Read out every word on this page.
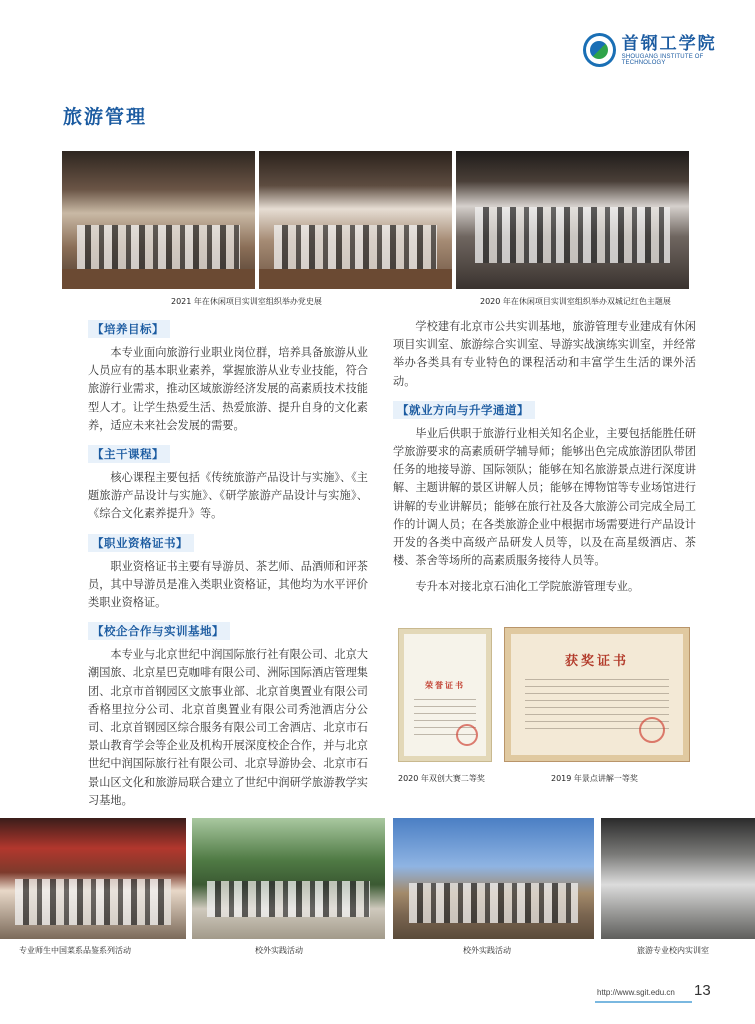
首钢工学院
SHOUGANG INSTITUTE OF TECHNOLOGY
旅游管理
2021 年在休闲项目实训室组织举办党史展	2020 年在休闲项目实训室组织举办双城记红色主题展
【培养目标】

本专业面向旅游行业职业岗位群，培养具备旅游从业人员应有的基本职业素养，掌握旅游从业专业技能，符合旅游行业需求，推动区域旅游经济发展的高素质技术技能型人才。让学生热爱生活、热爱旅游、提升自身的文化素养，适应未来社会发展的需要。

【主干课程】

核心课程主要包括《传统旅游产品设计与实施》、《主题旅游产品设计与实施》、《研学旅游产品设计与实施》、《综合文化素养提升》等。

【职业资格证书】

职业资格证书主要有导游员、茶艺师、品酒师和评茶员，其中导游员是准入类职业资格证，其他均为水平评价类职业资格证。

【校企合作与实训基地】

本专业与北京世纪中润国际旅行社有限公司、北京大潮国旅、北京星巴克咖啡有限公司、洲际国际酒店管理集团、北京市首钢园区文旅事业部、北京首奥置业有限公司香格里拉分公司、北京首奥置业有限公司秀池酒店分公司、北京首钢园区综合服务有限公司工舍酒店、北京市石景山教育学会等企业及机构开展深度校企合作，并与北京世纪中润国际旅行社有限公司、北京导游协会、北京市石景山区文化和旅游局联合建立了世纪中润研学旅游教学实习基地。

学校建有北京市公共实训基地，旅游管理专业建成有休闲项目实训室、旅游综合实训室、导游实战演练实训室，并经常举办各类具有专业特色的课程活动和丰富学生生活的课外活动。

【就业方向与升学通道】

毕业后供职于旅游行业相关知名企业，主要包括能胜任研学旅游要求的高素质研学辅导师；能够出色完成旅游团队带团任务的地接导游、国际领队；能够在知名旅游景点进行深度讲解、主题讲解的景区讲解人员；能够在博物馆等专业场馆进行讲解的专业讲解员；能够在旅行社及各大旅游公司完成全局工作的计调人员；在各类旅游企业中根据市场需要进行产品设计开发的各类中高级产品研发人员等，以及在高星级酒店、茶楼、茶舍等场所的高素质服务接待人员等。

专升本对接北京石油化工学院旅游管理专业。

荣誉证书
获奖证书
2020 年双创大赛二等奖	2019 年景点讲解一等奖
专业师生中国菜系品鉴系列活动	校外实践活动	校外实践活动	旅游专业校内实训室
http://www.sgit.edu.cn 13
